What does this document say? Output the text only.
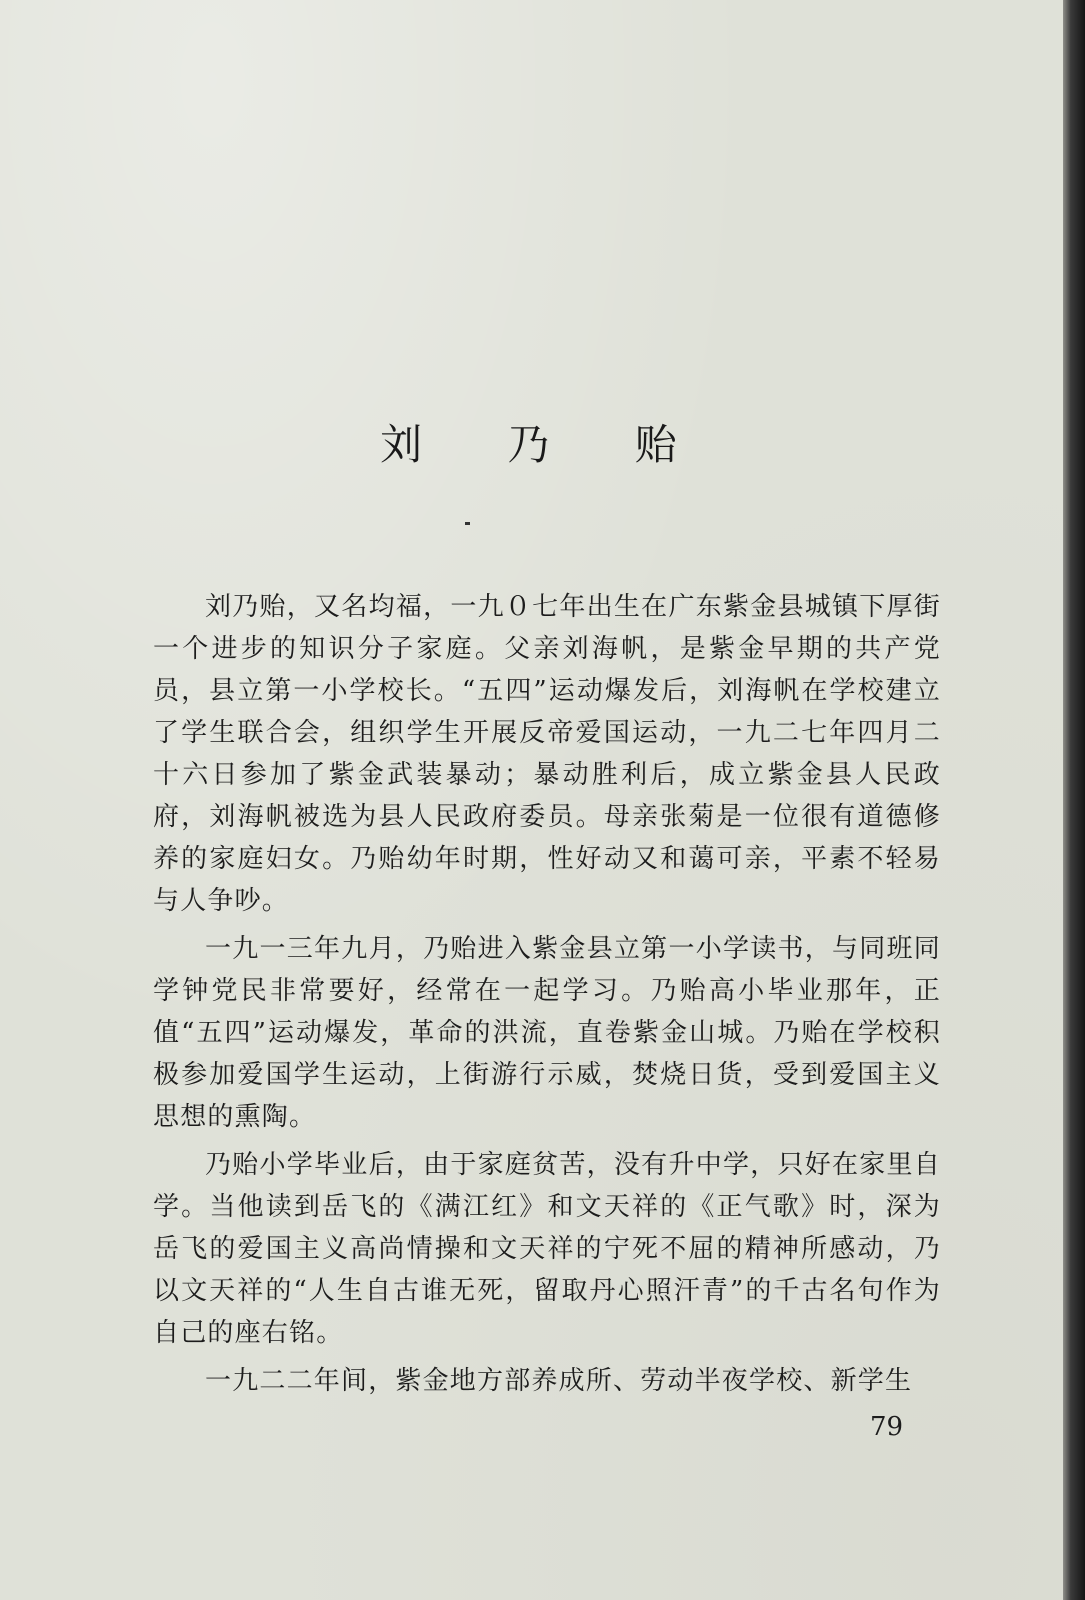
刘 乃 贻

刘乃贻，又名均福，一九０七年出生在广东紫金县城镇下厚街一个进步的知识分子家庭。父亲刘海帆，是紫金早期的共产党员，县立第一小学校长。“五四”运动爆发后，刘海帆在学校建立了学生联合会，组织学生开展反帝爱国运动，一九二七年四月二十六日参加了紫金武装暴动；暴动胜利后，成立紫金县人民政府，刘海帆被选为县人民政府委员。母亲张菊是一位很有道德修养的家庭妇女。乃贻幼年时期，性好动又和蔼可亲，平素不轻易与人争吵。

一九一三年九月，乃贻进入紫金县立第一小学读书，与同班同学钟党民非常要好，经常在一起学习。乃贻高小毕业那年，正值“五四”运动爆发，革命的洪流，直卷紫金山城。乃贻在学校积极参加爱国学生运动，上街游行示威，焚烧日货，受到爱国主义思想的熏陶。

乃贻小学毕业后，由于家庭贫苦，没有升中学，只好在家里自学。当他读到岳飞的《满江红》和文天祥的《正气歌》时，深为岳飞的爱国主义高尚情操和文天祥的宁死不屈的精神所感动，乃以文天祥的“人生自古谁无死，留取丹心照汗青”的千古名句作为自己的座右铭。

一九二二年间，紫金地方部养成所、劳动半夜学校、新学生

79
